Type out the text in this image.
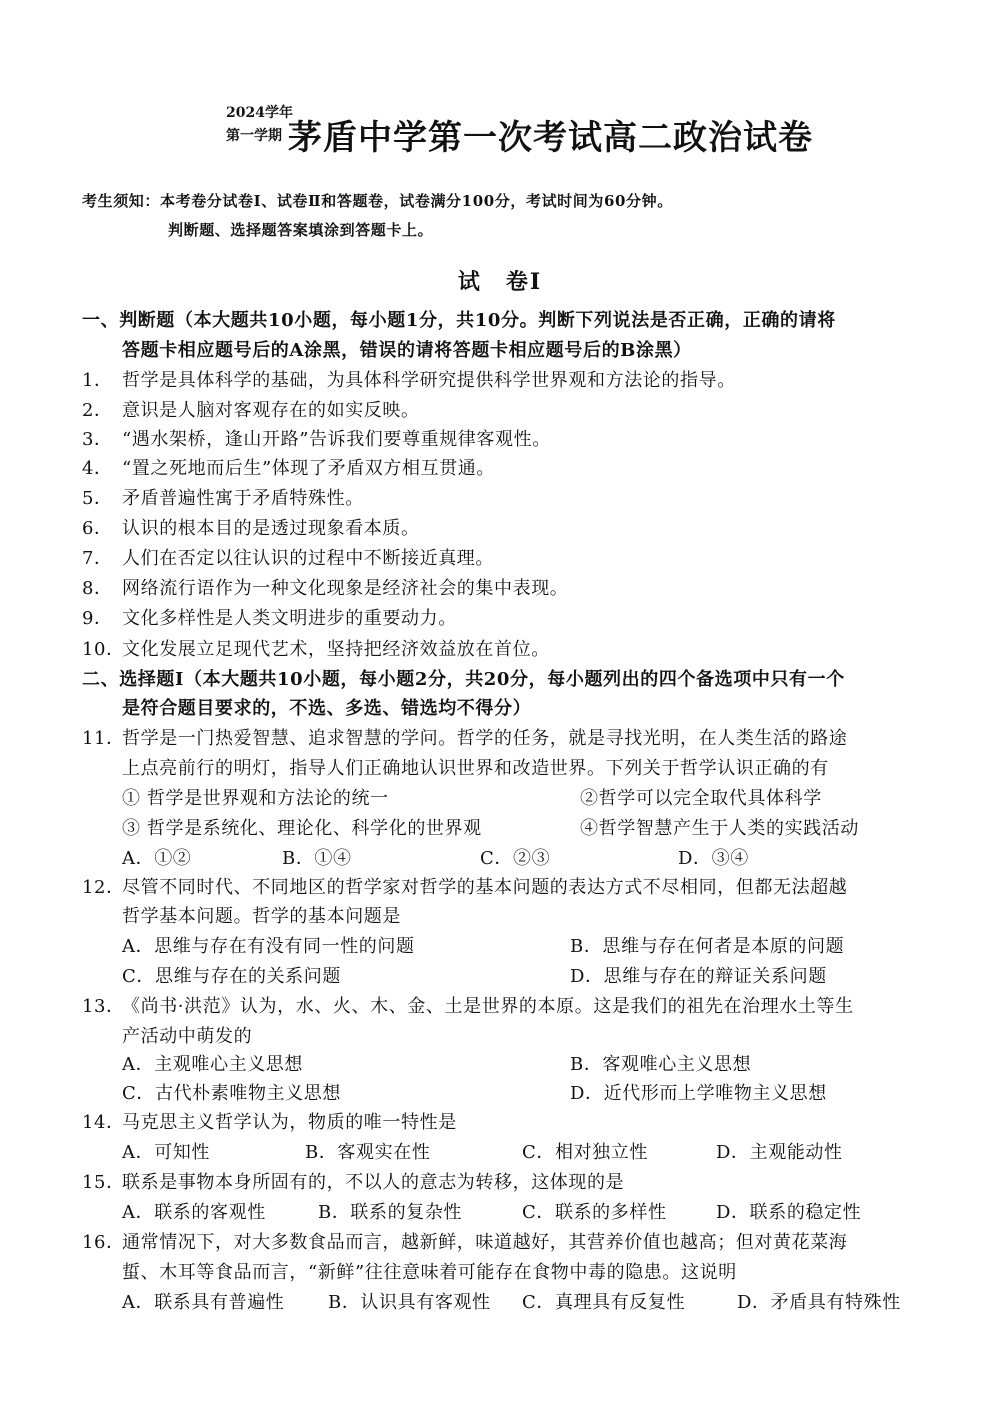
2024学年
第一学期 茅盾中学第一次考试高二政治试卷
考生须知：本考卷分试卷Ⅰ、试卷Ⅱ和答题卷，试卷满分100分，考试时间为60分钟。
判断题、选择题答案填涂到答题卡上。
试　卷Ⅰ
一、判断题（本大题共10小题，每小题1分，共10分。判断下列说法是否正确，正确的请将
答题卡相应题号后的A涂黑，错误的请将答题卡相应题号后的B涂黑）
1． 哲学是具体科学的基础，为具体科学研究提供科学世界观和方法论的指导。
2． 意识是人脑对客观存在的如实反映。
3． “遇水架桥，逢山开路”告诉我们要尊重规律客观性。
4． “置之死地而后生”体现了矛盾双方相互贯通。
5． 矛盾普遍性寓于矛盾特殊性。
6． 认识的根本目的是透过现象看本质。
7． 人们在否定以往认识的过程中不断接近真理。
8． 网络流行语作为一种文化现象是经济社会的集中表现。
9． 文化多样性是人类文明进步的重要动力。
10．
文化发展立足现代艺术，坚持把经济效益放在首位。
二、选择题Ⅰ（本大题共10小题，每小题2分，共20分，每小题列出的四个备选项中只有一个
是符合题目要求的，不选、多选、错选均不得分）
11．
哲学是一门热爱智慧、追求智慧的学问。哲学的任务，就是寻找光明，在人类生活的路途
上点亮前行的明灯，指导人们正确地认识世界和改造世界。下列关于哲学认识正确的有
① 哲学是世界观和方法论的统一	②哲学可以完全取代具体科学
③ 哲学是系统化、理论化、科学化的世界观	④哲学智慧产生于人类的实践活动
A．①②	B．①④	C．②③	D．③④
12．
尽管不同时代、不同地区的哲学家对哲学的基本问题的表达方式不尽相同，但都无法超越
哲学基本问题。哲学的基本问题是
A．思维与存在有没有同一性的问题	B．思维与存在何者是本原的问题
C．思维与存在的关系问题	D．思维与存在的辩证关系问题
13．
《尚书·洪范》认为，水、火、木、金、土是世界的本原。这是我们的祖先在治理水土等生
产活动中萌发的
A．主观唯心主义思想	B．客观唯心主义思想
C．古代朴素唯物主义思想	D．近代形而上学唯物主义思想
14．
马克思主义哲学认为，物质的唯一特性是
A．可知性	B．客观实在性	C．相对独立性	D．主观能动性
15．
联系是事物本身所固有的，不以人的意志为转移，这体现的是
A．联系的客观性	B．联系的复杂性	C．联系的多样性	D．联系的稳定性
16．
通常情况下，对大多数食品而言，越新鲜，味道越好，其营养价值也越高；但对黄花菜海
蜇、木耳等食品而言，“新鲜”往往意味着可能存在食物中毒的隐患。这说明
A．联系具有普遍性 B．认识具有客观性 C．真理具有反复性	D．矛盾具有特殊性
